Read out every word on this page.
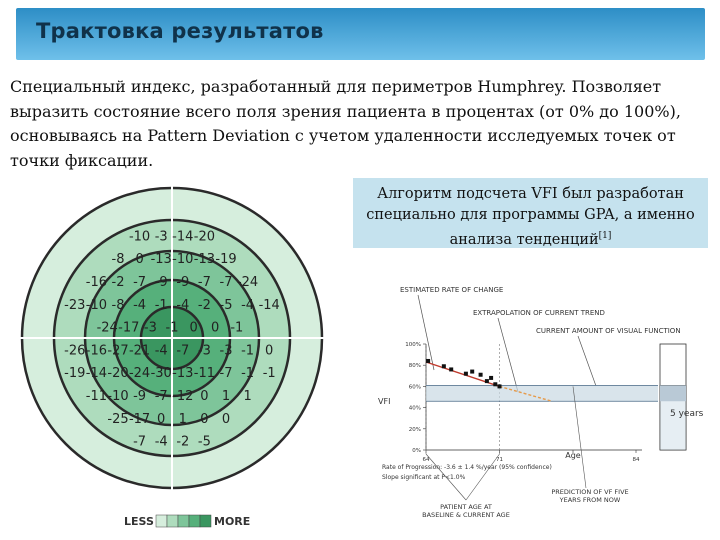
Трактовка результатов

Специальный индекс, разработанный для периметров Humphrey. Позволяет выразить состояние всего поля зрения пациента в процентах (от 0% до 100%), основываясь на Pattern Deviation с учетом удаленности исследуемых точек от точки фиксации.

Алгоритм подсчета VFI был разработан специально для программы GPA, а именно анализа тенденций[1]

-10 -3 -14 -20
-8 0 -13 -10 -13 -19
-16 -2 -7 -9 -9 -7 -7 -24
-23 -10 -8 -4 -1 -4 -2 -5 -4 -14
-24 -17 -3 -1 0 0 -1
-26 -16 -27 -21 -4 -7 -3 -3 -1 0
-19 -14 -20 -24 -30 -13 -11 -7 -1 -1
-11 -10 -9 -7 -12 0 1 1
-25 -17 0 1 0 0
-7 -4 -2 -5
LESS	MORE
ESTIMATED RATE OF CHANGE
EXTRAPOLATION OF CURRENT TREND
CURRENT AMOUNT OF VISUAL FUNCTION
0%
20%
40%
60%
80%
100%
64	71	Age	84
VFI
5 years
Rate of Progression: -3.6 ± 1.4 %/year (95% confidence)
Slope significant at P<1.0%
PATIENT AGE AT BASELINE & CURRENT AGE
PREDICTION OF VF FIVE YEARS FROM NOW
